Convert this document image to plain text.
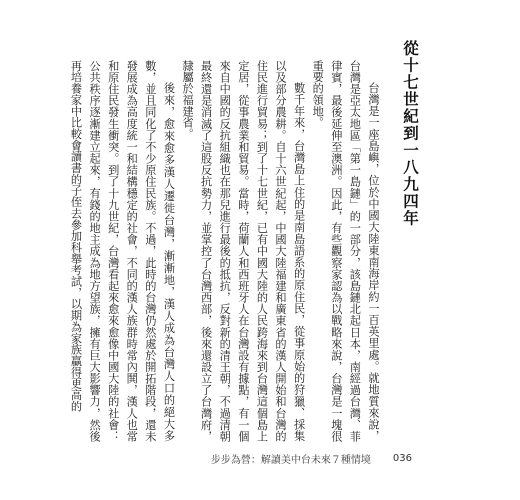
從十七世紀到一八九四年

台灣是一座島嶼，位於中國大陸東南海岸約一百英里處。就地質來說，台灣是亞太地區「第一島鏈」的一部分，該島鏈北起日本，南經過台灣、菲律賓，最後延伸至澳洲。因此，有些觀察家認為以戰略來說，台灣是一塊很重要的領地。

數千年來，台灣島上住的是南島語系的原住民，從事原始的狩獵、採集以及部分農耕。自十六世紀起，中國大陸福建和廣東省的漢人開始和台灣的住民進行貿易；到了十七世紀，已有中國大陸的人民跨海來到台灣這個島上定居，從事農業和貿易。當時，荷蘭人和西班牙人在台灣設有據點，有一個來自中國的反抗組織也在那兒進行最後的抵抗，反對新的清王朝，不過清朝最終還是消滅了這股反抗勢力，並掌控了台灣西部，後來還設立了台灣府，隸屬於福建省。

後來，愈來愈多漢人遷徙台灣，漸漸地，漢人成為台灣人口的絕大多數，並且同化了不少原住民族。不過，此時的台灣仍然處於開拓階段，還未發展成為高度統一和結構穩定的社會，不同的漢人族群時常內鬨，漢人也常和原住民發生衝突。到了十九世紀，台灣看起來愈來愈像中國大陸的社會：公共秩序逐漸建立起來，有錢的地主成為地方望族，擁有巨大影響力，然後再培養家中比較會讀書的子侄去參加科舉考試，以期為家族贏得更高的

步步為營：解讀美中台未來７種情境 036
